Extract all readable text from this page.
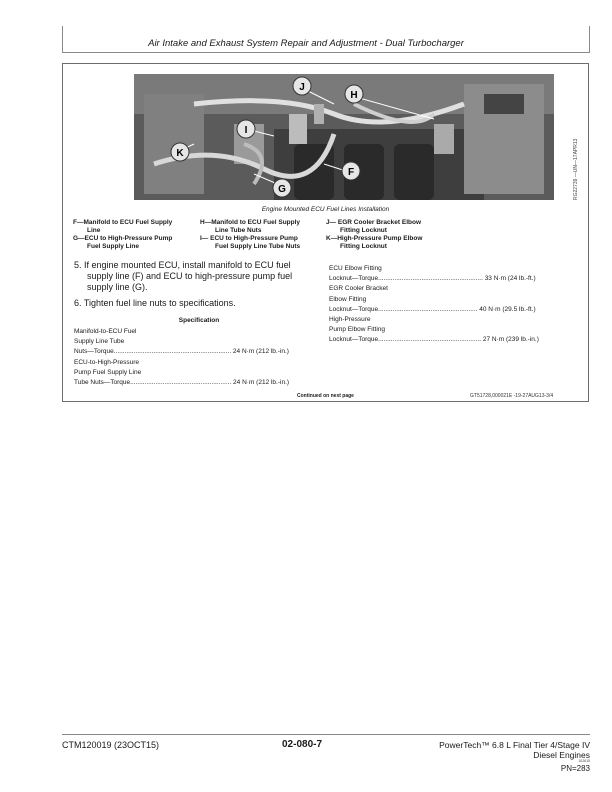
Air Intake and Exhaust System Repair and Adjustment - Dual Turbocharger
J
H
I
K
F
G	RG22739 —UN—17APR13
Engine Mounted ECU Fuel Lines Installation
F—Manifold to ECU Fuel Supply
Line
G—ECU to High-Pressure Pump
Fuel Supply Line
H—Manifold to ECU Fuel Supply
Line Tube Nuts
I— ECU to High-Pressure Pump
Fuel Supply Line Tube Nuts
J— EGR Cooler Bracket Elbow
Fitting Locknut
K—High-Pressure Pump Elbow
Fitting Locknut
5. If engine mounted ECU, install manifold to ECU fuel
supply line (F) and ECU to high-pressure pump fuel
supply line (G).
6. Tighten fuel line nuts to specifications.
Specification
Manifold-to-ECU Fuel
Supply Line Tube
Nuts—Torque................................................................. 24 N·m (212 lb.-in.)
ECU-to-High-Pressure
Pump Fuel Supply Line
Tube Nuts—Torque........................................................ 24 N·m (212 lb.-in.)
ECU Elbow Fitting
Locknut—Torque.......................................................... 33 N·m (24 lb.-ft.)
EGR Cooler Bracket
Elbow Fitting
Locknut—Torque....................................................... 40 N·m (29.5 lb.-ft.)
High-Pressure
Pump Elbow Fitting
Locknut—Torque......................................................... 27 N·m (239 lb.-in.)
Continued on next page	GT51728,000021E -19-27AUG13-3/4
CTM120019 (23OCT15)	02-080-7	PowerTech™ 6.8 L Final Tier 4/Stage IV
Diesel Engines
102615
PN=283
